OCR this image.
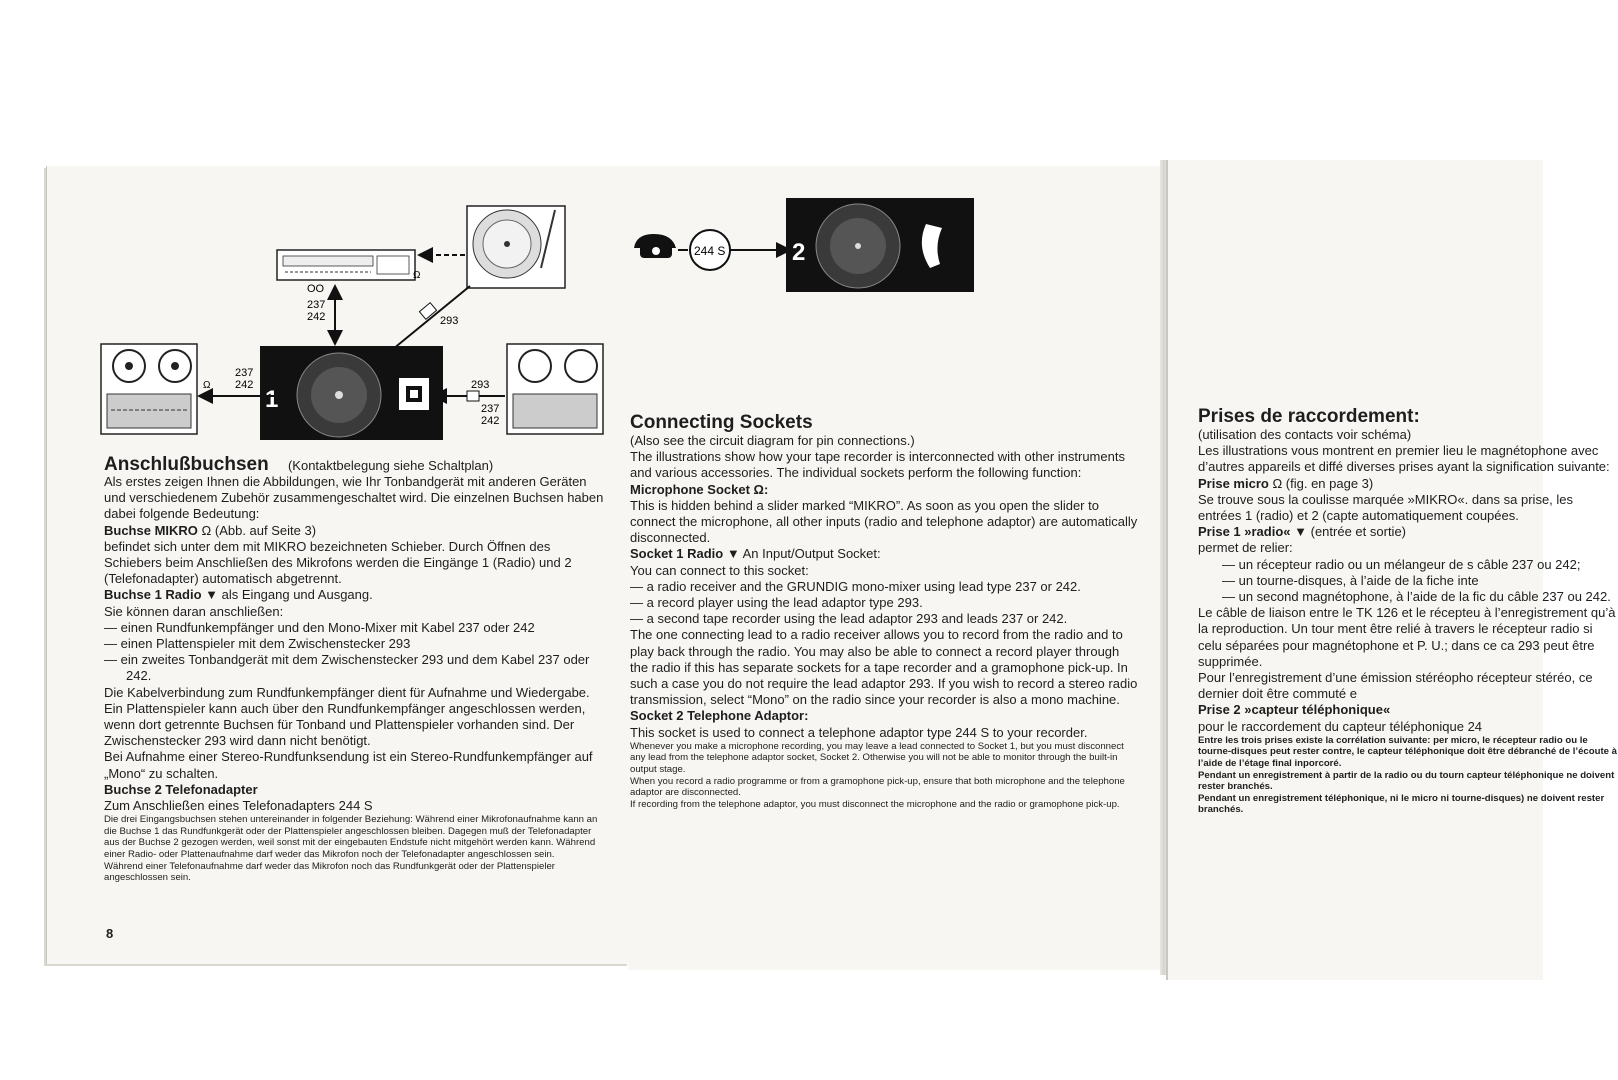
Ω
OO
237
242	293
1
Ω
237
242	293
237
242
244 S	2
Anschlußbuchsen (Kontaktbelegung siehe Schaltplan)

Als erstes zeigen Ihnen die Abbildungen, wie Ihr Tonbandgerät mit anderen Geräten und verschiedenem Zubehör zusammengeschaltet wird. Die einzelnen Buchsen haben dabei folgende Bedeutung:

Buchse MIKRO Ω (Abb. auf Seite 3)

befindet sich unter dem mit MIKRO bezeichneten Schieber. Durch Öffnen des Schiebers beim Anschließen des Mikrofons werden die Eingänge 1 (Radio) und 2 (Telefonadapter) automatisch abgetrennt.

Buchse 1 Radio ▼ als Eingang und Ausgang.

Sie können daran anschließen:

— einen Rundfunkempfänger und den Mono-Mixer mit Kabel 237 oder 242

— einen Plattenspieler mit dem Zwischenstecker 293

— ein zweites Tonbandgerät mit dem Zwischenstecker 293 und dem Kabel 237 oder 242.

Die Kabelverbindung zum Rundfunkempfänger dient für Aufnahme und Wiedergabe. Ein Plattenspieler kann auch über den Rundfunkempfänger angeschlossen werden, wenn dort getrennte Buchsen für Tonband und Plattenspieler vorhanden sind. Der Zwischenstecker 293 wird dann nicht benötigt.

Bei Aufnahme einer Stereo-Rundfunksendung ist ein Stereo-Rundfunkempfänger auf „Mono“ zu schalten.

Buchse 2 Telefonadapter

Zum Anschließen eines Telefonadapters 244 S

Die drei Eingangsbuchsen stehen untereinander in folgender Beziehung: Während einer Mikrofonaufnahme kann an die Buchse 1 das Rundfunkgerät oder der Plattenspieler angeschlossen bleiben. Dagegen muß der Telefonadapter aus der Buchse 2 gezogen werden, weil sonst mit der eingebauten Endstufe nicht mitgehört werden kann. Während einer Radio- oder Plattenaufnahme darf weder das Mikrofon noch der Telefonadapter angeschlossen sein.

Während einer Telefonaufnahme darf weder das Mikrofon noch das Rundfunkgerät oder der Plattenspieler angeschlossen sein.

8
Connecting Sockets

(Also see the circuit diagram for pin connections.)

The illustrations show how your tape recorder is interconnected with other instruments and various accessories. The individual sockets perform the following function:

Microphone Socket Ω:

This is hidden behind a slider marked “MIKRO”. As soon as you open the slider to connect the microphone, all other inputs (radio and telephone adaptor) are automatically disconnected.

Socket 1 Radio ▼ An Input/Output Socket:

You can connect to this socket:

— a radio receiver and the GRUNDIG mono-mixer using lead type 237 or 242.

— a record player using the lead adaptor type 293.

— a second tape recorder using the lead adaptor 293 and leads 237 or 242.

The one connecting lead to a radio receiver allows you to record from the radio and to play back through the radio. You may also be able to connect a record player through the radio if this has separate sockets for a tape recorder and a gramophone pick-up. In such a case you do not require the lead adaptor 293. If you wish to record a stereo radio transmission, select “Mono” on the radio since your recorder is also a mono machine.

Socket 2 Telephone Adaptor:

This socket is used to connect a telephone adaptor type 244 S to your recorder.

Whenever you make a microphone recording, you may leave a lead connected to Socket 1, but you must disconnect any lead from the telephone adaptor socket, Socket 2. Otherwise you will not be able to monitor through the built-in output stage.

When you record a radio programme or from a gramophone pick-up, ensure that both microphone and the telephone adaptor are disconnected.

If recording from the telephone adaptor, you must disconnect the microphone and the radio or gramophone pick-up.

Prises de raccordement:

(utilisation des contacts voir schéma)

Les illustrations vous montrent en premier lieu le magnétophone avec d’autres appareils et diffé diverses prises ayant la signification suivante:

Prise micro Ω (fig. en page 3)

Se trouve sous la coulisse marquée »MIKRO«. dans sa prise, les entrées 1 (radio) et 2 (capte automatiquement coupées.

Prise 1 »radio« ▼ (entrée et sortie)

permet de relier:

— un récepteur radio ou un mélangeur de s câble 237 ou 242;

— un tourne-disques, à l’aide de la fiche inte

— un second magnétophone, à l’aide de la fic du câble 237 ou 242.

Le câble de liaison entre le TK 126 et le récepteu à l’enregistrement qu’à la reproduction. Un tour ment être relié à travers le récepteur radio si celu séparées pour magnétophone et P. U.; dans ce ca 293 peut être supprimée.

Pour l’enregistrement d’une émission stéréopho récepteur stéréo, ce dernier doit être commuté e

Prise 2 »capteur téléphonique«

pour le raccordement du capteur téléphonique 24

Entre les trois prises existe la corrélation suivante: per micro, le récepteur radio ou le tourne-disques peut rester contre, le capteur téléphonique doit être débranché de l’écoute à l’aide de l’étage final inporcoré.

Pendant un enregistrement à partir de la radio ou du tourn capteur téléphonique ne doivent rester branchés.

Pendant un enregistrement téléphonique, ni le micro ni tourne-disques) ne doivent rester branchés.
